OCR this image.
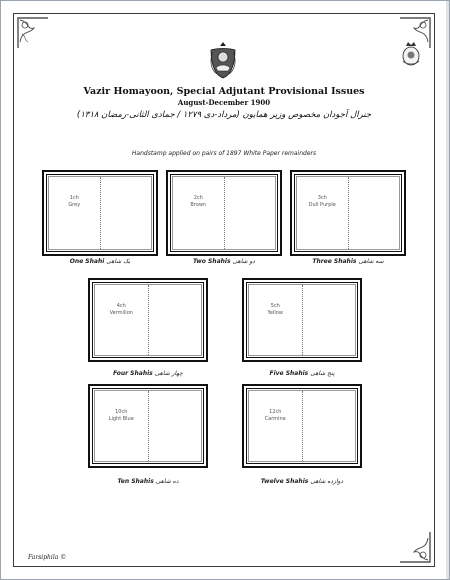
Vazir Homayoon, Special Adjutant Provisional Issues
August-December 1900
جنرال آجودان مخصوص وزیر همایون (مرداد-دی ۱۲۷۹ / جمادی الثانی-رمضان ۱۳۱۸)
Handstamp applied on pairs of 1897 White Paper remainders
1ch
Grey
One Shahi یک شاهی
2ch
Brown
Two Shahis دو شاهی
3ch
Dull Purple
Three Shahis سه شاهی
4ch
Vermilion
Four Shahis چهار شاهی
5ch
Yellow
Five Shahis پنج شاهی
10ch
Light Blue
Ten Shahis ده شاهی
12ch
Carmine
Twelve Shahis دوازده شاهی
Farsiphila ©
